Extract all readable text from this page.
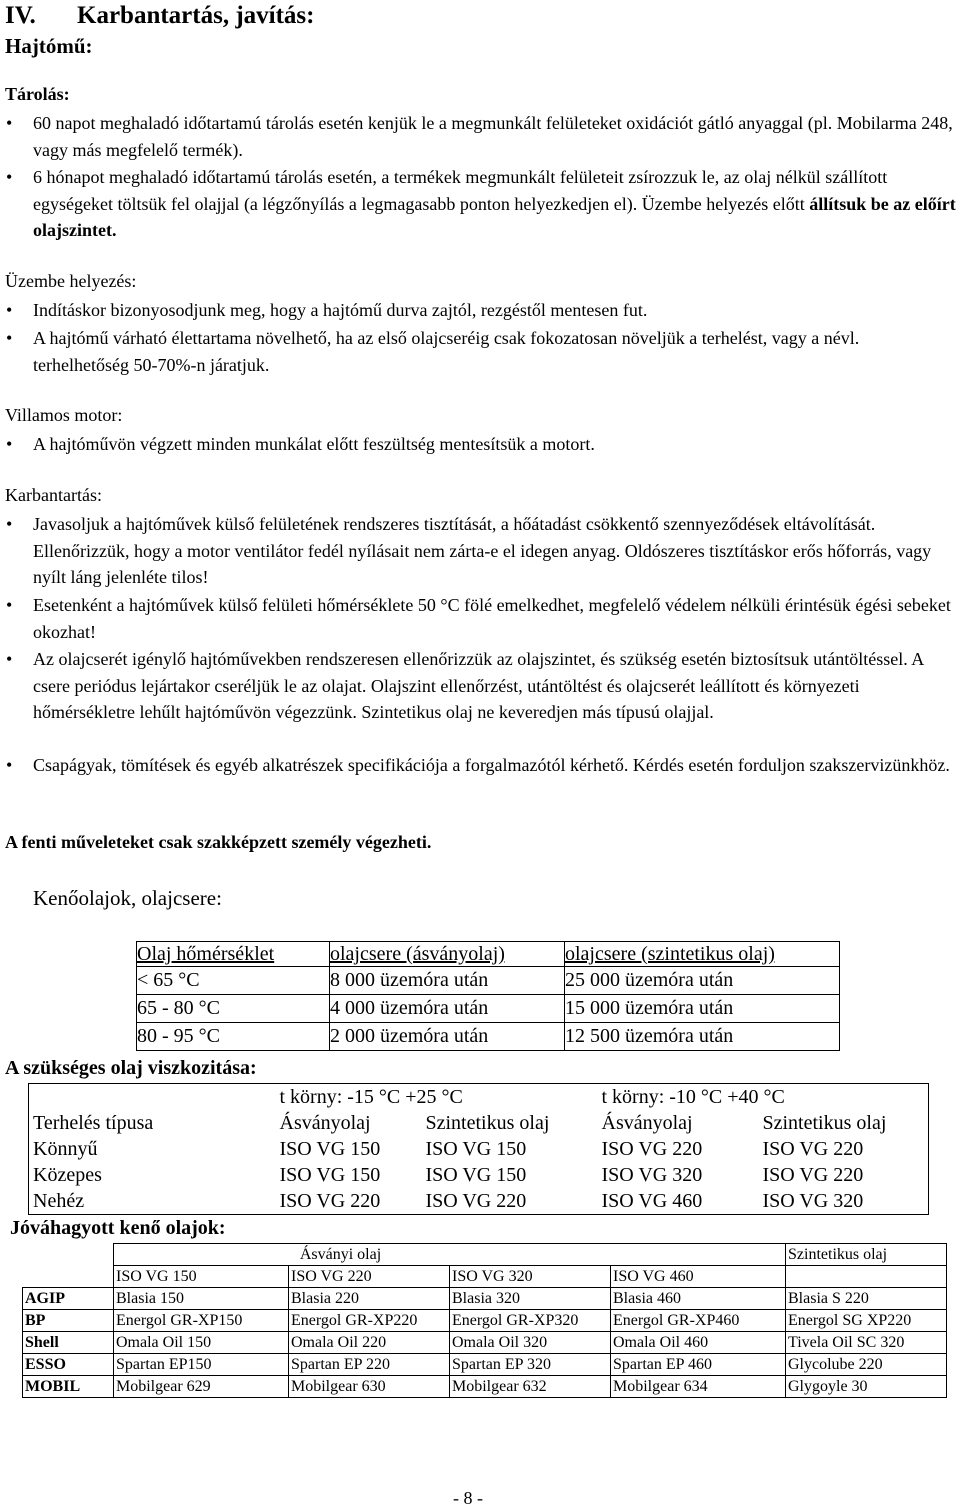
IV. Karbantartás, javítás:
Hajtómű:
Tárolás:
• 60 napot meghaladó időtartamú tárolás esetén kenjük le a megmunkált felületeket oxidációt gátló anyaggal (pl. Mobilarma 248, vagy más megfelelő termék).
• 6 hónapot meghaladó időtartamú tárolás esetén, a termékek megmunkált felületeit zsírozzuk le, az olaj nélkül szállított egységeket töltsük fel olajjal (a légzőnyílás a legmagasabb ponton helyezkedjen el). Üzembe helyezés előtt állítsuk be az előírt olajszintet.
Üzembe helyezés:
• Indításkor bizonyosodjunk meg, hogy a hajtómű durva zajtól, rezgéstől mentesen fut.
• A hajtómű várható élettartama növelhető, ha az első olajcseréig csak fokozatosan növeljük a terhelést, vagy a névl. terhelhetőség 50-70%-n járatjuk.
Villamos motor:
• A hajtóművön végzett minden munkálat előtt feszültség mentesítsük a motort.
Karbantartás:
• Javasoljuk a hajtóművek külső felületének rendszeres tisztítását, a hőátadást csökkentő szennyeződések eltávolítását. Ellenőrizzük, hogy a motor ventilátor fedél nyílásait nem zárta-e el idegen anyag. Oldószeres tisztításkor erős hőforrás, vagy nyílt láng jelenléte tilos!
• Esetenként a hajtóművek külső felületi hőmérséklete 50 °C fölé emelkedhet, megfelelő védelem nélküli érintésük égési sebeket okozhat!
• Az olajcserét igénylő hajtóművekben rendszeresen ellenőrizzük az olajszintet, és szükség esetén biztosítsuk utántöltéssel. A csere periódus lejártakor cseréljük le az olajat. Olajszint ellenőrzést, utántöltést és olajcserét leállított és környezeti hőmérsékletre lehűlt hajtóművön végezzünk. Szintetikus olaj ne keveredjen más típusú olajjal.
• Csapágyak, tömítések és egyéb alkatrészek specifikációja a forgalmazótól kérhető. Kérdés esetén forduljon szakszervizünkhöz.
A fenti műveleteket csak szakképzett személy végezheti.
Kenőolajok, olajcsere:
Olaj hőmérséklet	olajcsere (ásványolaj)	olajcsere (szintetikus olaj)
< 65 °C	8 000 üzemóra után	25 000 üzemóra után
65 - 80 °C	4 000 üzemóra után	15 000 üzemóra után
80 - 95 °C	2 000 üzemóra után	12 500 üzemóra után
A szükséges olaj viszkozitása:
	t körny: -15 °C +25 °C		t körny: -10 °C +40 °C	
Terhelés típusa	Ásványolaj	Szintetikus olaj	Ásványolaj	Szintetikus olaj
Könnyű	ISO VG 150	ISO VG 150	ISO VG 220	ISO VG 220
Közepes	ISO VG 150	ISO VG 150	ISO VG 320	ISO VG 220
Nehéz	ISO VG 220	ISO VG 220	ISO VG 460	ISO VG 320
Jóváhagyott kenő olajok:
	Ásványi olaj				Szintetikus olaj
	ISO VG 150	ISO VG 220	ISO VG 320	ISO VG 460	
AGIP	Blasia 150	Blasia 220	Blasia 320	Blasia 460	Blasia S 220
BP	Energol GR-XP150	Energol GR-XP220	Energol GR-XP320	Energol GR-XP460	Energol SG XP220
Shell	Omala Oil 150	Omala Oil 220	Omala Oil 320	Omala Oil 460	Tivela Oil SC 320
ESSO	Spartan EP150	Spartan EP 220	Spartan EP 320	Spartan EP 460	Glycolube 220
MOBIL	Mobilgear 629	Mobilgear 630	Mobilgear 632	Mobilgear 634	Glygoyle 30
- 8 -
